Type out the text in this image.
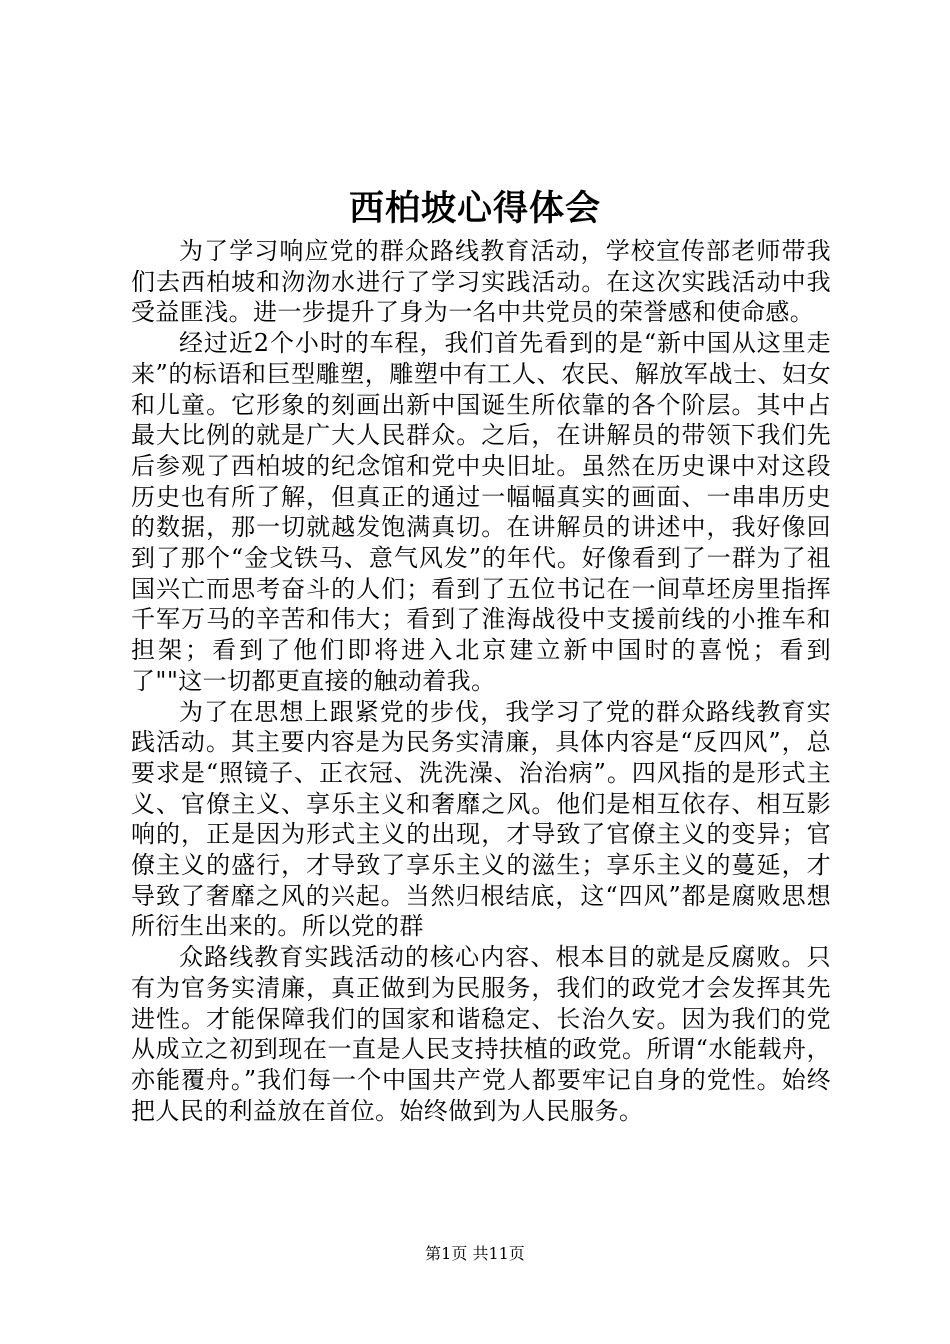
西柏坡心得体会

为了学习响应党的群众路线教育活动，学校宣传部老师带我们去西柏坡和沕沕水进行了学习实践活动。在这次实践活动中我受益匪浅。进一步提升了身为一名中共党员的荣誉感和使命感。

经过近2个小时的车程，我们首先看到的是“新中国从这里走来”的标语和巨型雕塑，雕塑中有工人、农民、解放军战士、妇女和儿童。它形象的刻画出新中国诞生所依靠的各个阶层。其中占最大比例的就是广大人民群众。之后，在讲解员的带领下我们先后参观了西柏坡的纪念馆和党中央旧址。虽然在历史课中对这段历史也有所了解，但真正的通过一幅幅真实的画面、一串串历史的数据，那一切就越发饱满真切。在讲解员的讲述中，我好像回到了那个“金戈铁马、意气风发”的年代。好像看到了一群为了祖国兴亡而思考奋斗的人们；看到了五位书记在一间草坯房里指挥千军万马的辛苦和伟大；看到了淮海战役中支援前线的小推车和担架；看到了他们即将进入北京建立新中国时的喜悦；看到了""这一切都更直接的触动着我。

为了在思想上跟紧党的步伐，我学习了党的群众路线教育实践活动。其主要内容是为民务实清廉，具体内容是“反四风”，总要求是“照镜子、正衣冠、洗洗澡、治治病”。四风指的是形式主义、官僚主义、享乐主义和奢靡之风。他们是相互依存、相互影响的，正是因为形式主义的出现，才导致了官僚主义的变异；官僚主义的盛行，才导致了享乐主义的滋生；享乐主义的蔓延，才导致了奢靡之风的兴起。当然归根结底，这“四风”都是腐败思想所衍生出来的。所以党的群

众路线教育实践活动的核心内容、根本目的就是反腐败。只有为官务实清廉，真正做到为民服务，我们的政党才会发挥其先进性。才能保障我们的国家和谐稳定、长治久安。因为我们的党从成立之初到现在一直是人民支持扶植的政党。所谓“水能载舟，亦能覆舟。”我们每一个中国共产党人都要牢记自身的党性。始终把人民的利益放在首位。始终做到为人民服务。

第1页 共11页
